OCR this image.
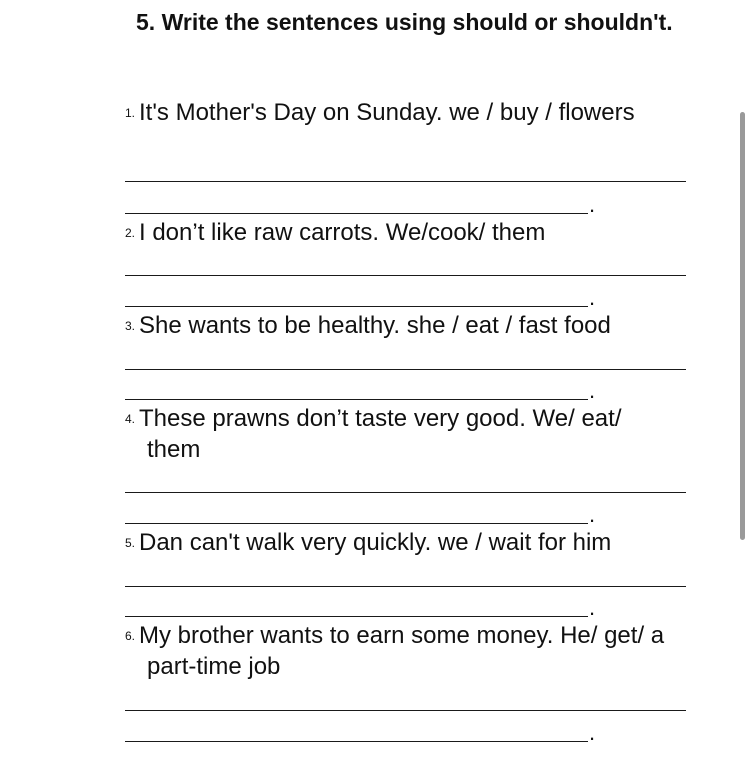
5. Write the sentences using should or shouldn't.
1. It's Mother's Day on Sunday. we / buy / flowers
.
2. I don’t like raw carrots. We/cook/ them
.
3. She wants to be healthy. she / eat / fast food
.
4. These prawns don’t taste very good. We/ eat/
them
.
5. Dan can't walk very quickly. we / wait for him
.
6. My brother wants to earn some money. He/ get/ a
part-time job
.
